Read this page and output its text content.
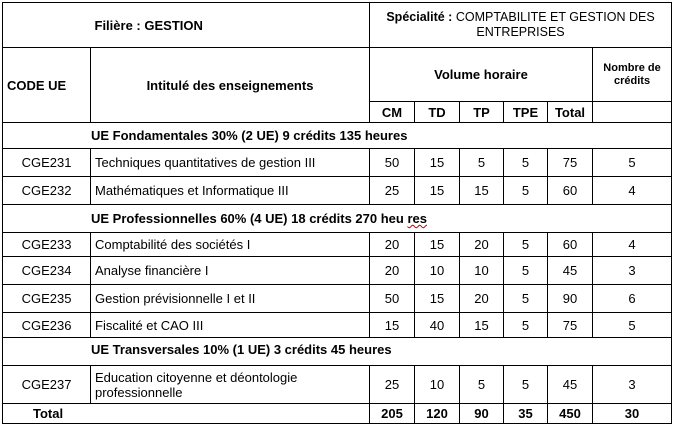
	Filière : GESTION	Spécialité : COMPTABILITE ET GESTION DES ENTREPRISES					
CODE UE	Intitulé des enseignements	Volume horaire					Nombre de crédits
		CM	TD	TP	TPE	Total	
UE Fondamentales 30% (2 UE) 9 crédits 135 heures							
CGE231	Techniques quantitatives de gestion III	50	15	5	5	75	5
CGE232	Mathématiques et Informatique III	25	15	15	5	60	4
UE Professionnelles 60% (4 UE) 18 crédits 270 heu res							
CGE233	Comptabilité des sociétés I	20	15	20	5	60	4
CGE234	Analyse financière I	20	10	10	5	45	3
CGE235	Gestion prévisionnelle I et II	50	15	20	5	90	6
CGE236	Fiscalité et CAO III	15	40	15	5	75	5
UE Transversales 10% (1 UE) 3 crédits 45 heures							
CGE237	Education citoyenne et déontologie professionnelle	25	10	5	5	45	3
Total		205	120	90	35	450	30
